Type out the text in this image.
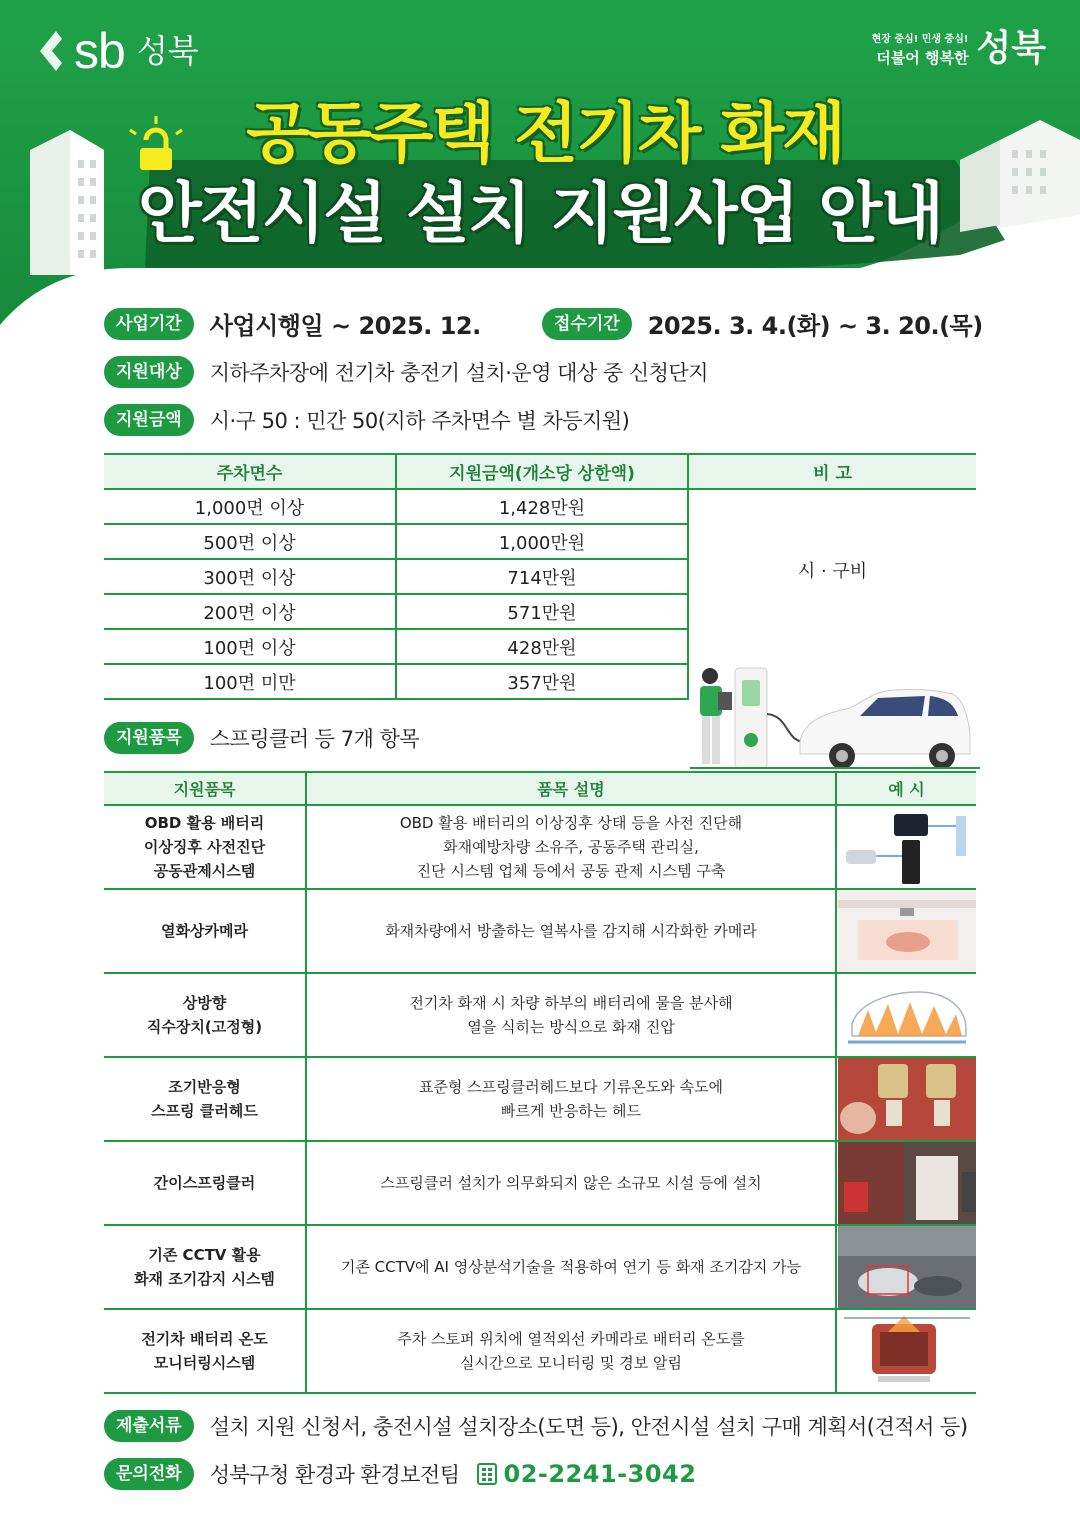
sb 성북	현장 중심! 민생 중심!
더불어 행복한 성북
공동주택 전기차 화재
안전시설 설치 지원사업 안내
사업기간	사업시행일 ~ 2025. 12.	접수기간	2025. 3. 4.(화) ~ 3. 20.(목)
지원대상	지하주차장에 전기차 충전기 설치·운영 대상 중 신청단지
지원금액	시·구 50 : 민간 50(지하 주차면수 별 차등지원)
주차면수	지원금액(개소당 상한액)	비 고
1,000면 이상	1,428만원	시 · 구비
500면 이상	1,000만원	
300면 이상	714만원	
200면 이상	571만원	
100면 이상	428만원	
100면 미만	357만원	
지원품목	스프링클러 등 7개 항목
지원품목	품목 설명	예 시
OBD 활용 배터리
이상징후 사전진단
공동관제시스템	OBD 활용 배터리의 이상징후 상태 등을 사전 진단해
화재예방차량 소유주, 공동주택 관리실,
진단 시스템 업체 등에서 공동 관제 시스템 구축	

열화상카메라	화재차량에서 방출하는 열복사를 감지해 시각화한 카메라	

상방향
직수장치(고정형)	전기차 화재 시 차량 하부의 배터리에 물을 분사해
열을 식히는 방식으로 화재 진압	

조기반응형
스프링 클러헤드	표준형 스프링클러헤드보다 기류온도와 속도에
빠르게 반응하는 헤드	

간이스프링클러	스프링클러 설치가 의무화되지 않은 소규모 시설 등에 설치	

기존 CCTV 활용
화재 조기감지 시스템	기존 CCTV에 AI 영상분석기술을 적용하여 연기 등 화재 조기감지 가능	

전기차 배터리 온도
모니터링시스템	주차 스토퍼 위치에 열적외선 카메라로 배터리 온도를
실시간으로 모니터링 및 경보 알림	
제출서류	설치 지원 신청서, 충전시설 설치장소(도면 등), 안전시설 설치 구매 계획서(견적서 등)
문의전화	성북구청 환경과 환경보전팀 02-2241-3042
